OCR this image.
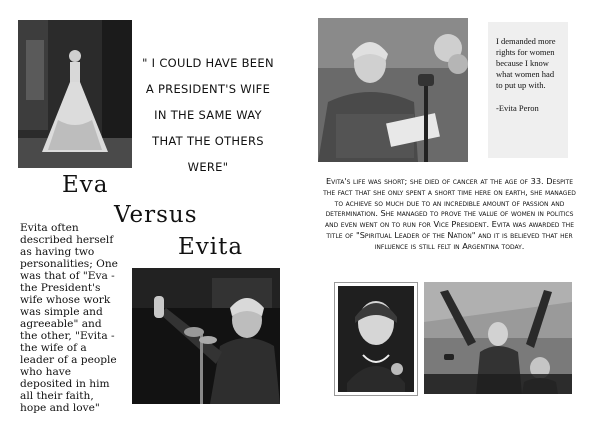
" I COULD HAVE BEEN A PRESIDENT'S WIFE IN THE SAME WAY THAT THE OTHERS WERE"
Eva
Versus
Evita
Evita often described herself as having two personalities; One was that of "Eva - the President's wife whose work was simple and agreeable" and the other, "Evita - the wife of a leader of a people who have deposited in him all their faith, hope and love"

I demanded more rights for women because I know what women had to put up with.

-Evita Peron

Evita's life was short; she died of cancer at the age of 33. Despite the fact that she only spent a short time here on earth, she managed to achieve so much due to an incredible amount of passion and determination. She managed to prove the value of women in politics and even went on to run for Vice President. Evita was awarded the title of "Spiritual Leader of the Nation" and it is believed that her influence is still felt in Argentina today.
